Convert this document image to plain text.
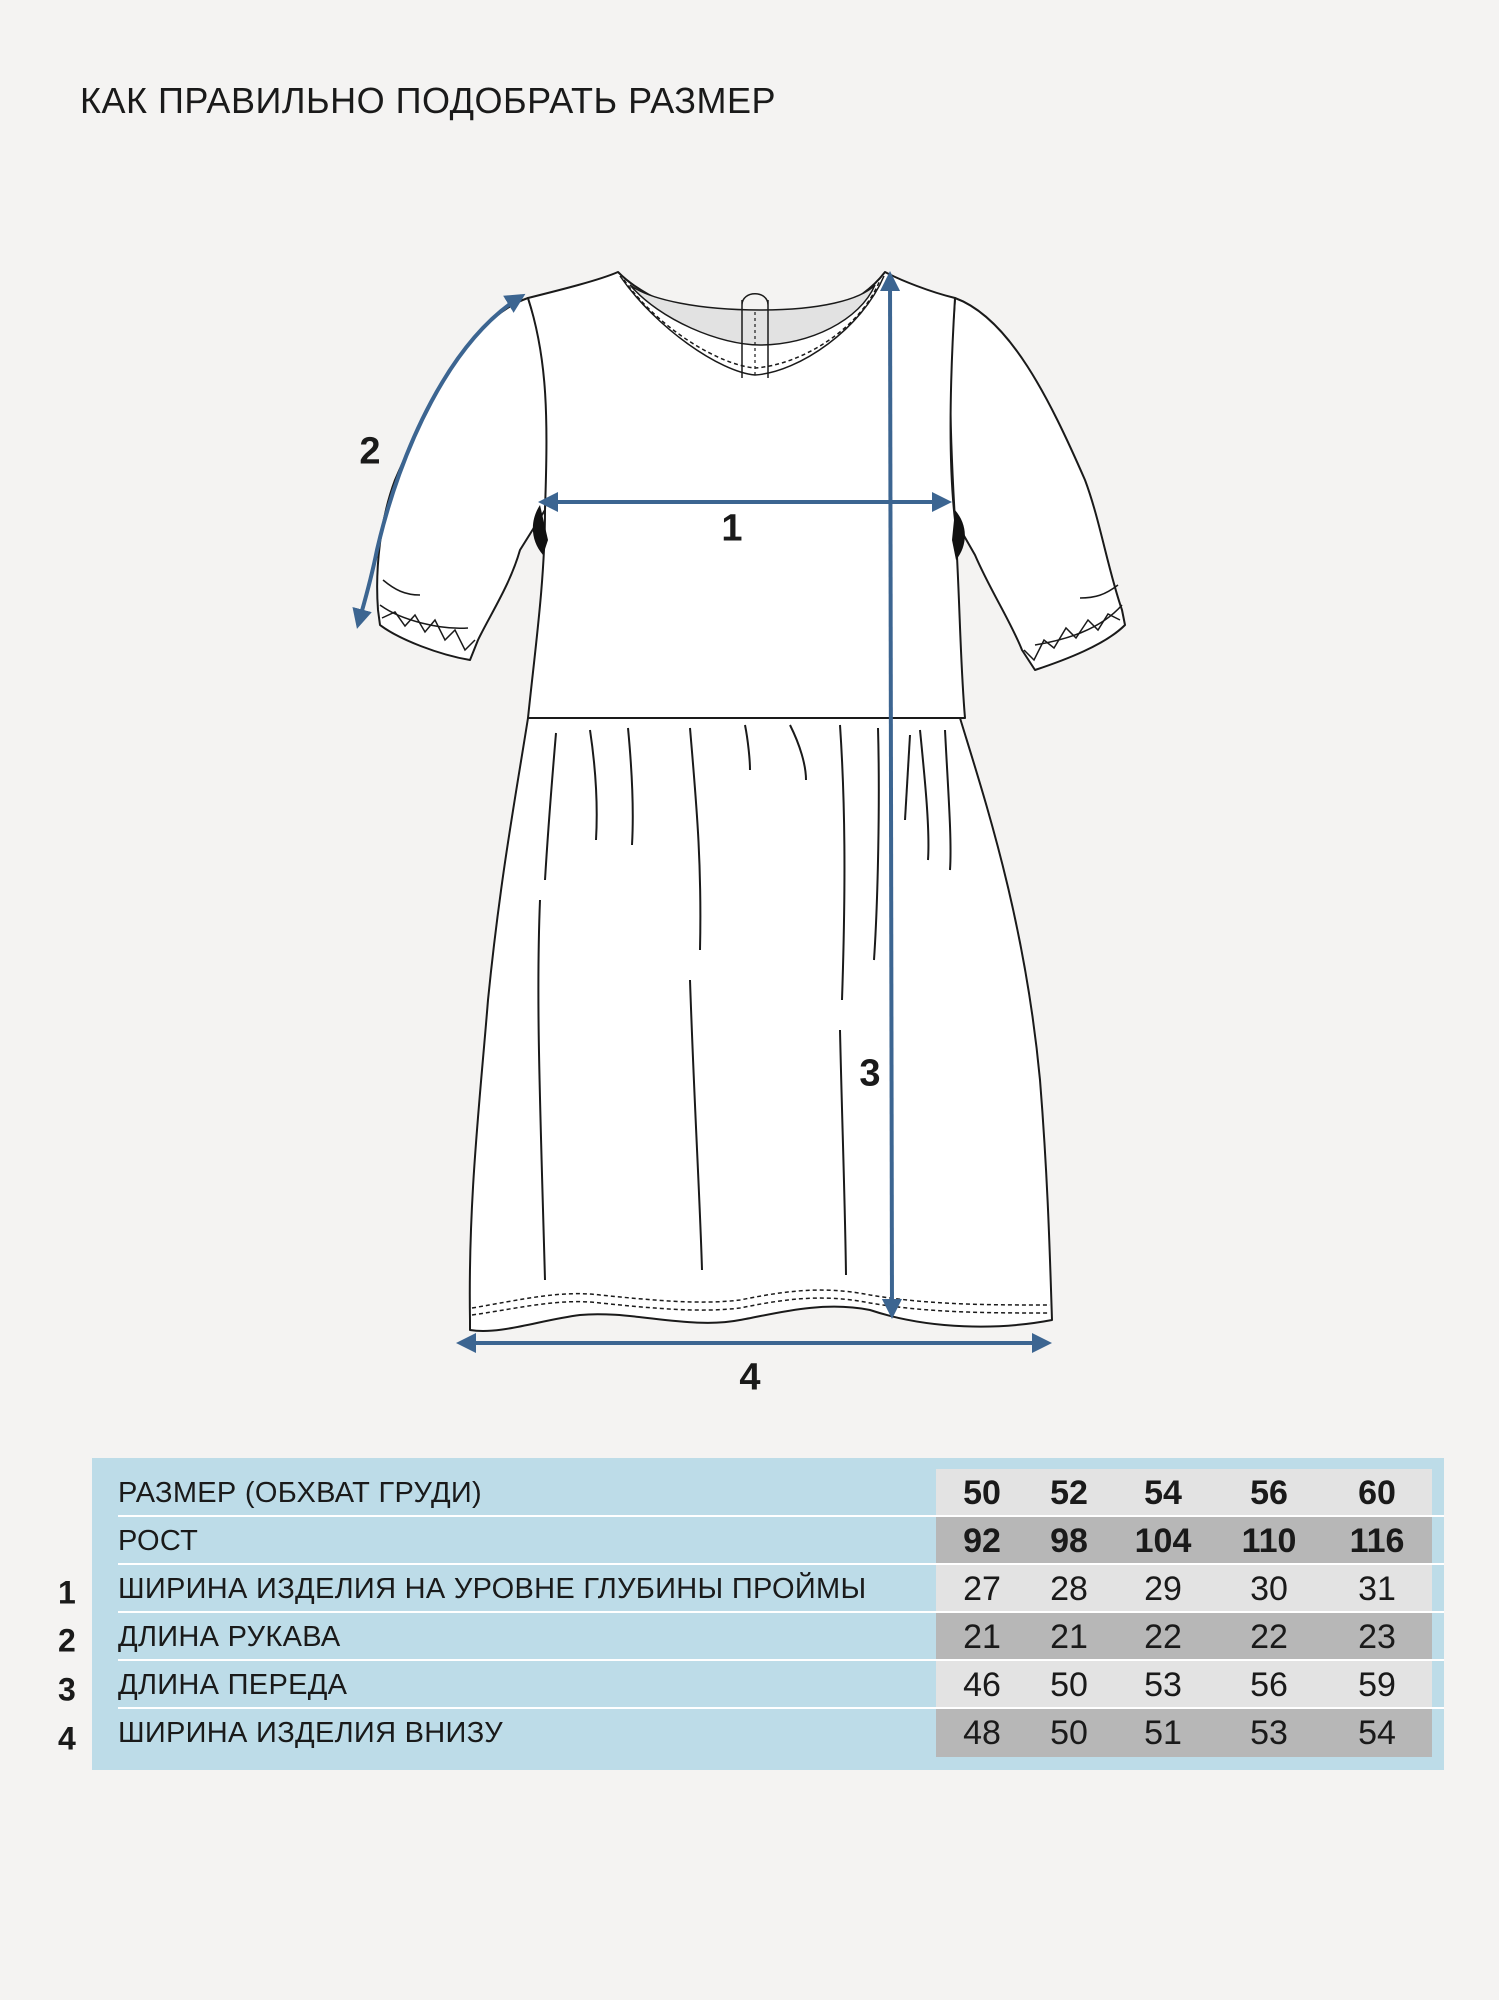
КАК ПРАВИЛЬНО ПОДОБРАТЬ РАЗМЕР
1
2
3
4
РАЗМЕР (ОБХВАТ ГРУДИ)	50	52	54	56	60
РОСТ	92	98	104	110	116
ШИРИНА ИЗДЕЛИЯ НА УРОВНЕ ГЛУБИНЫ ПРОЙМЫ	27	28	29	30	31
ДЛИНА РУКАВА	21	21	22	22	23
ДЛИНА ПЕРЕДА	46	50	53	56	59
ШИРИНА ИЗДЕЛИЯ ВНИЗУ	48	50	51	53	54
1
2
3
4
